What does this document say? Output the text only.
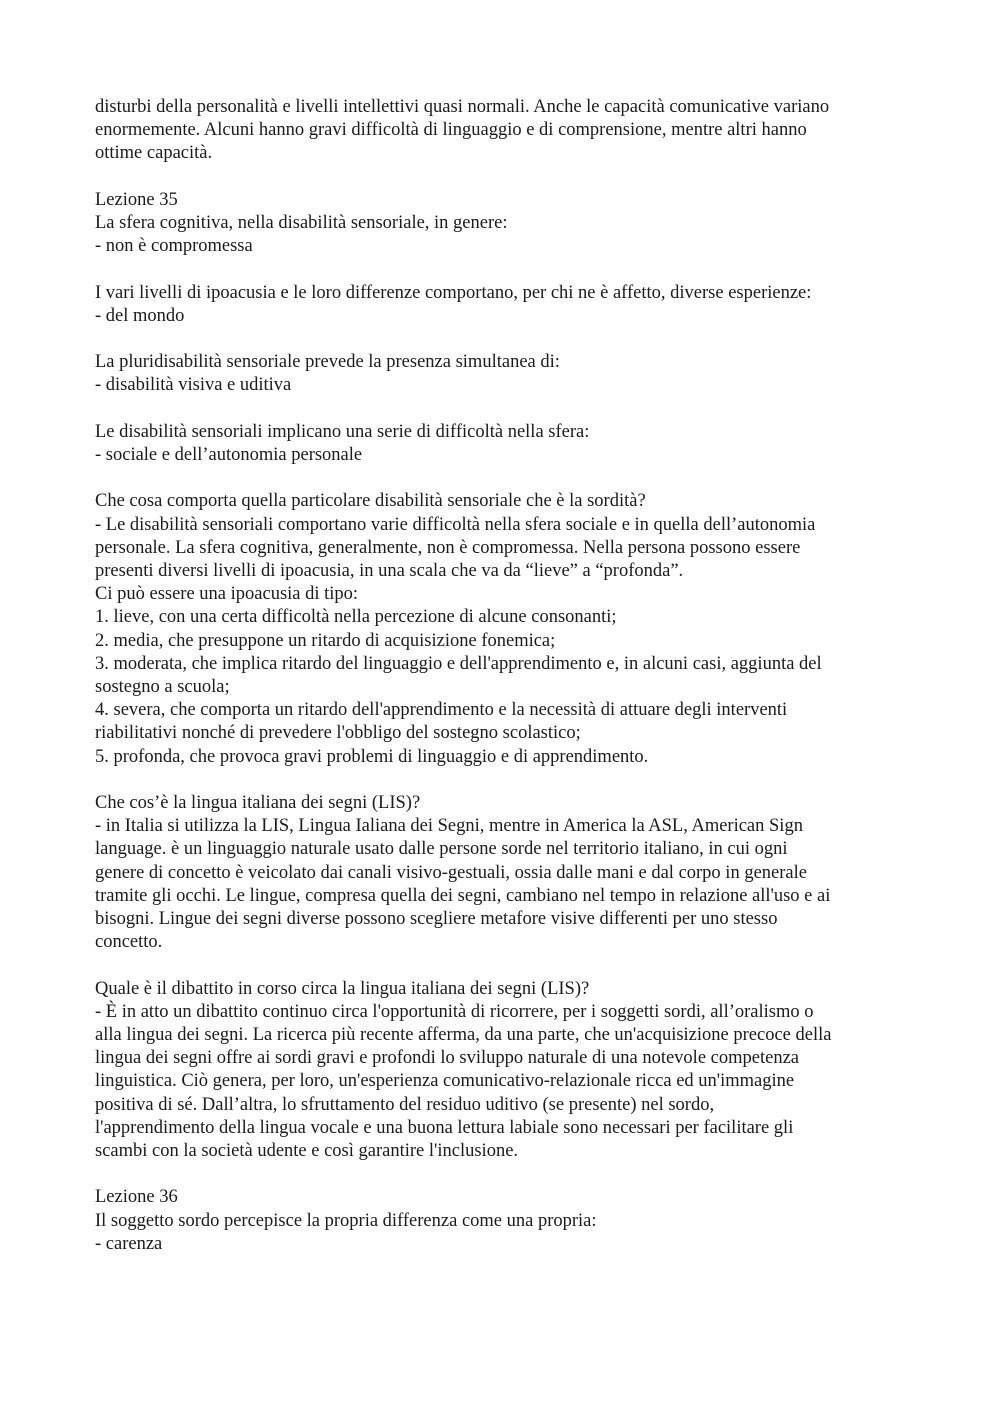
disturbi della personalità e livelli intellettivi quasi normali. Anche le capacità comunicative variano
enormemente. Alcuni hanno gravi difficoltà di linguaggio e di comprensione, mentre altri hanno
ottime capacità.
Lezione 35
La sfera cognitiva, nella disabilità sensoriale, in genere:
- non è compromessa
I vari livelli di ipoacusia e le loro differenze comportano, per chi ne è affetto, diverse esperienze:
- del mondo
La pluridisabilità sensoriale prevede la presenza simultanea di:
- disabilità visiva e uditiva
Le disabilità sensoriali implicano una serie di difficoltà nella sfera:
- sociale e dell’autonomia personale
Che cosa comporta quella particolare disabilità sensoriale che è la sordità?
- Le disabilità sensoriali comportano varie difficoltà nella sfera sociale e in quella dell’autonomia
personale. La sfera cognitiva, generalmente, non è compromessa. Nella persona possono essere
presenti diversi livelli di ipoacusia, in una scala che va da “lieve” a “profonda”.
Ci può essere una ipoacusia di tipo:
1. lieve, con una certa difficoltà nella percezione di alcune consonanti;
2. media, che presuppone un ritardo di acquisizione fonemica;
3. moderata, che implica ritardo del linguaggio e dell'apprendimento e, in alcuni casi, aggiunta del
sostegno a scuola;
4. severa, che comporta un ritardo dell'apprendimento e la necessità di attuare degli interventi
riabilitativi nonché di prevedere l'obbligo del sostegno scolastico;
5. profonda, che provoca gravi problemi di linguaggio e di apprendimento.
Che cos’è la lingua italiana dei segni (LIS)?
- in Italia si utilizza la LIS, Lingua Ialiana dei Segni, mentre in America la ASL, American Sign
language. è un linguaggio naturale usato dalle persone sorde nel territorio italiano, in cui ogni
genere di concetto è veicolato dai canali visivo-gestuali, ossia dalle mani e dal corpo in generale
tramite gli occhi. Le lingue, compresa quella dei segni, cambiano nel tempo in relazione all'uso e ai
bisogni. Lingue dei segni diverse possono scegliere metafore visive differenti per uno stesso
concetto.
Quale è il dibattito in corso circa la lingua italiana dei segni (LIS)?
- È in atto un dibattito continuo circa l'opportunità di ricorrere, per i soggetti sordi, all’oralismo o
alla lingua dei segni. La ricerca più recente afferma, da una parte, che un'acquisizione precoce della
lingua dei segni offre ai sordi gravi e profondi lo sviluppo naturale di una notevole competenza
linguistica. Ciò genera, per loro, un'esperienza comunicativo-relazionale ricca ed un'immagine
positiva di sé. Dall’altra, lo sfruttamento del residuo uditivo (se presente) nel sordo,
l'apprendimento della lingua vocale e una buona lettura labiale sono necessari per facilitare gli
scambi con la società udente e così garantire l'inclusione.
Lezione 36
Il soggetto sordo percepisce la propria differenza come una propria:
- carenza
